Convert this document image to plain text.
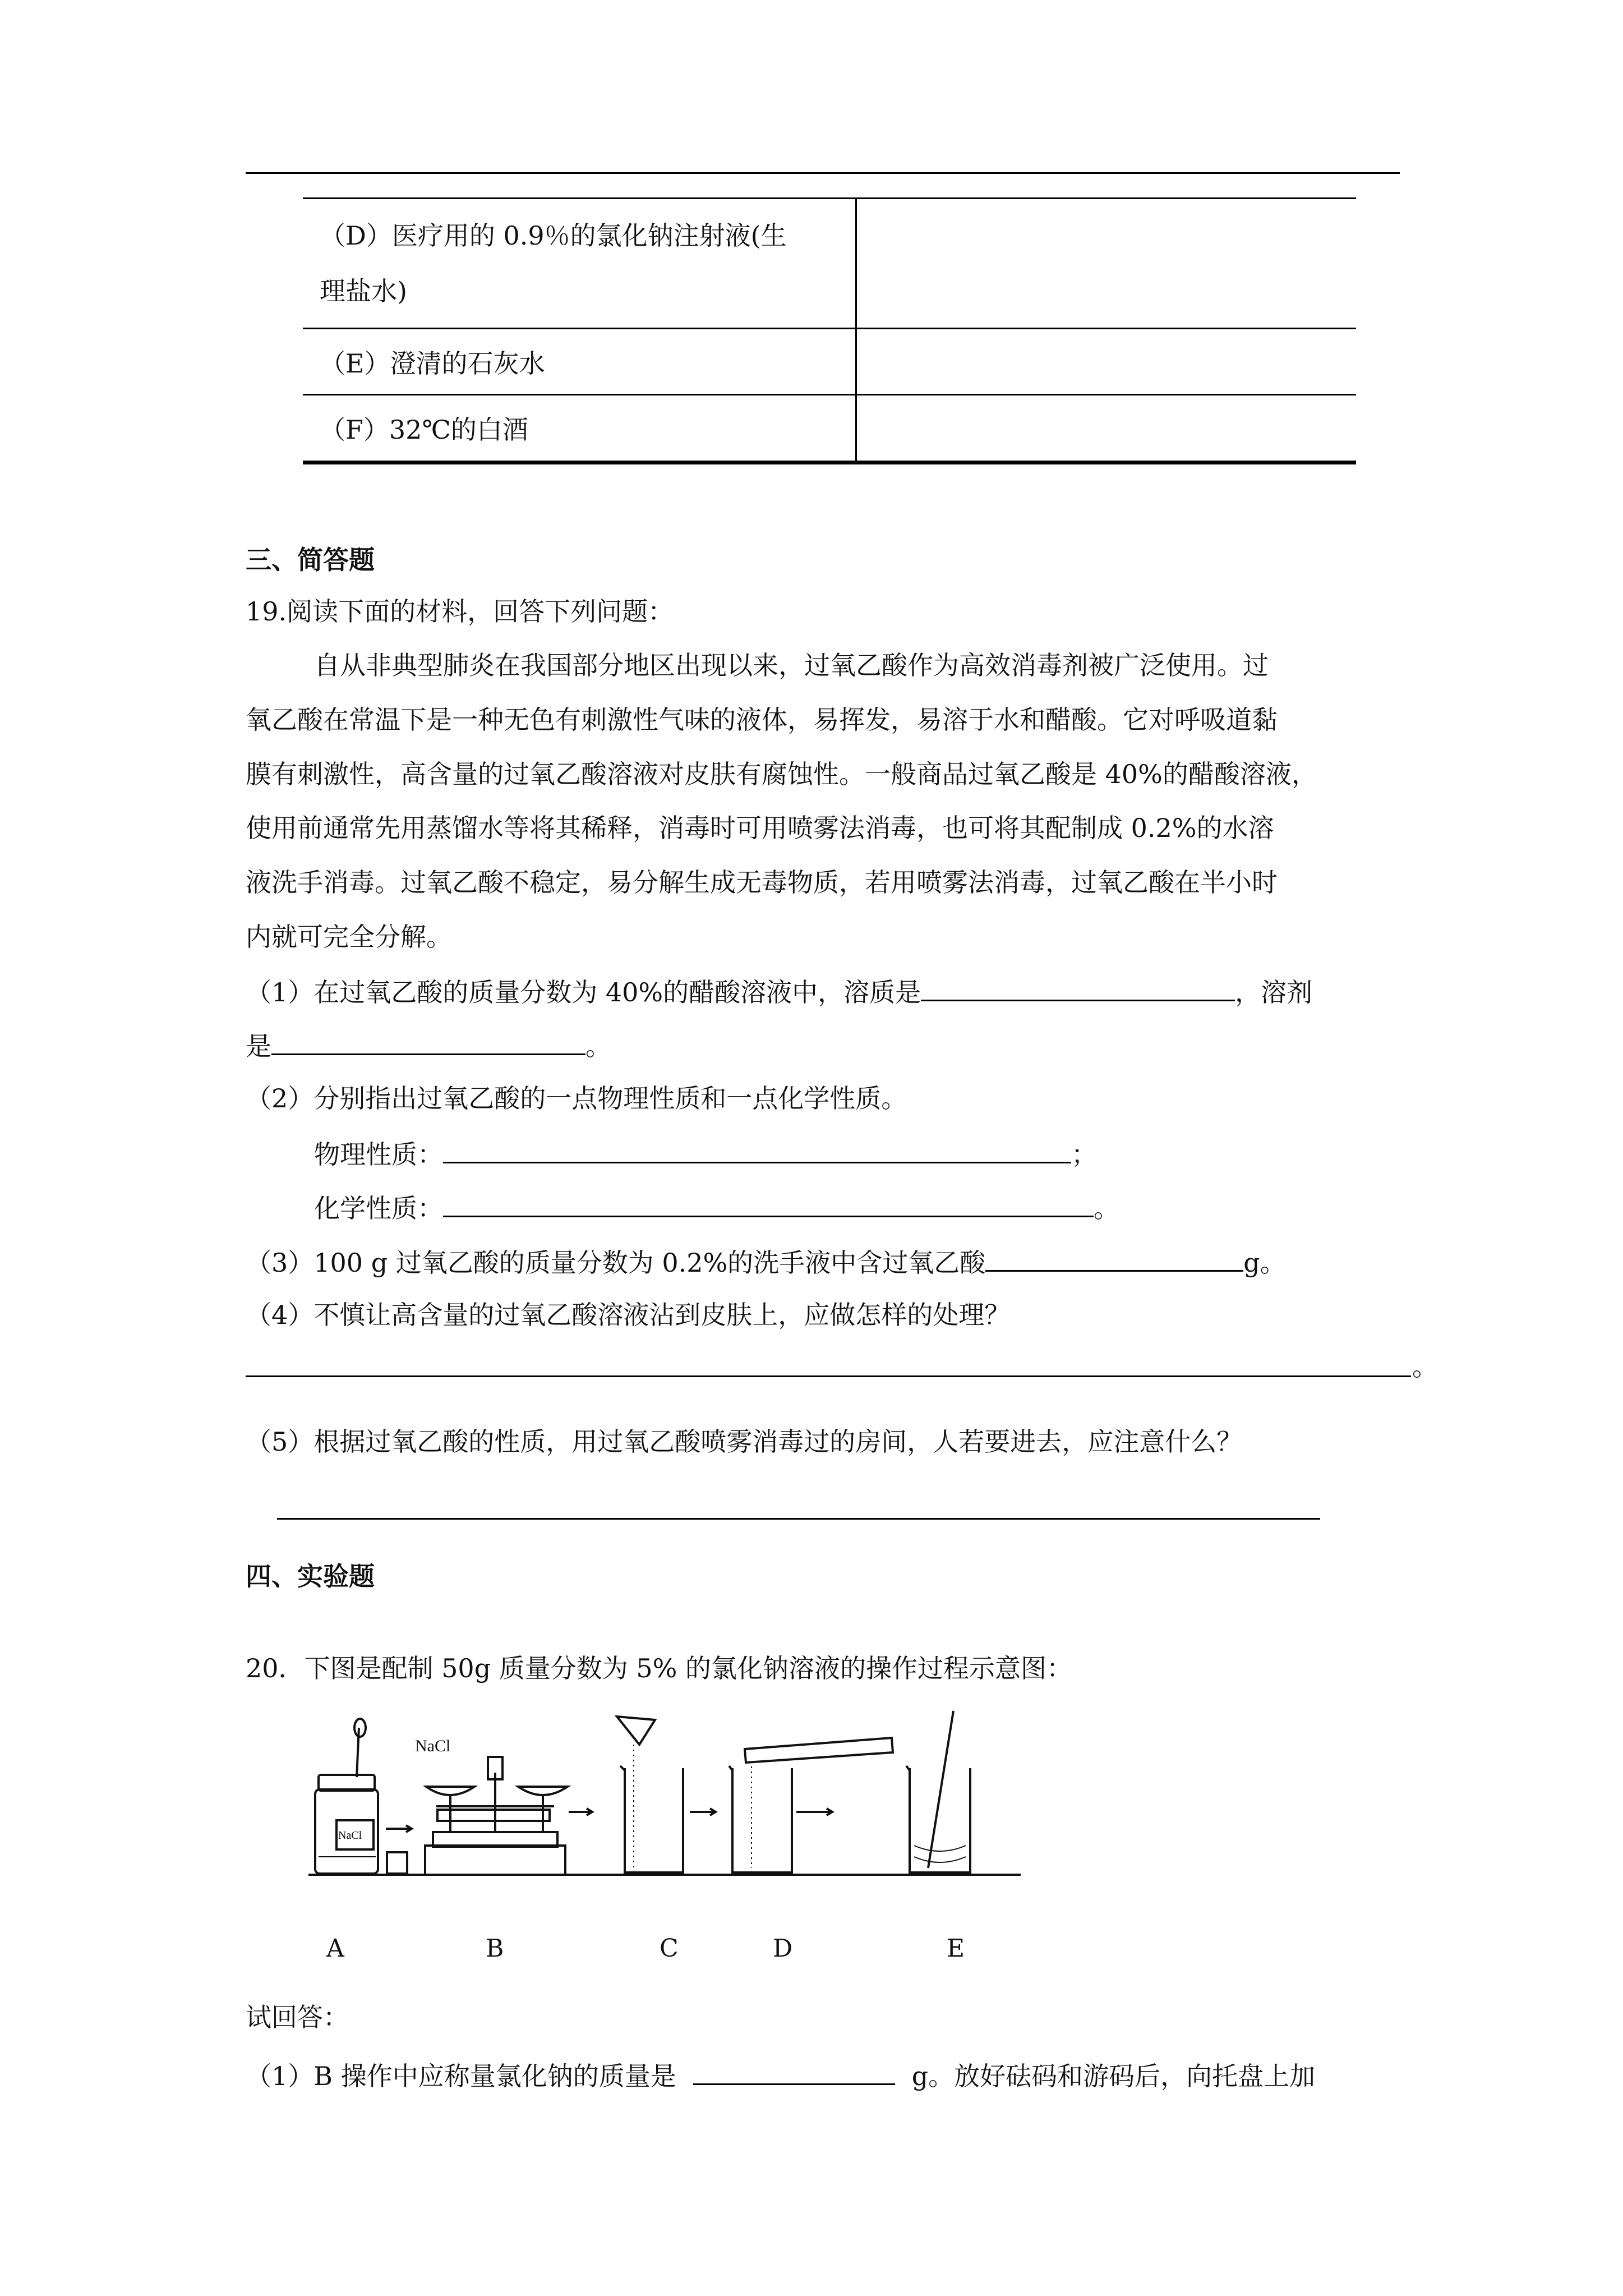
（D）医疗用的 0.9％的氯化钠注射液(生
理盐水)	
（E）澄清的石灰水	
（F）32℃的白酒	
三、简答题
19.阅读下面的材料，回答下列问题：
自从非典型肺炎在我国部分地区出现以来，过氧乙酸作为高效消毒剂被广泛使用。过
氧乙酸在常温下是一种无色有刺激性气味的液体，易挥发，易溶于水和醋酸。它对呼吸道黏
膜有刺激性，高含量的过氧乙酸溶液对皮肤有腐蚀性。一般商品过氧乙酸是 40%的醋酸溶液，
使用前通常先用蒸馏水等将其稀释，消毒时可用喷雾法消毒，也可将其配制成 0.2%的水溶
液洗手消毒。过氧乙酸不稳定，易分解生成无毒物质，若用喷雾法消毒，过氧乙酸在半小时
内就可完全分解。
（1）在过氧乙酸的质量分数为 40%的醋酸溶液中，溶质是	，溶剂
是	。
（2）分别指出过氧乙酸的一点物理性质和一点化学性质。
物理性质：	；
化学性质：	。
（3）100 g 过氧乙酸的质量分数为 0.2%的洗手液中含过氧乙酸	g。
（4）不慎让高含量的过氧乙酸溶液沾到皮肤上，应做怎样的处理？
。
（5）根据过氧乙酸的性质，用过氧乙酸喷雾消毒过的房间，人若要进去，应注意什么？
四、实验题
20．下图是配制 50g 质量分数为 5% 的氯化钠溶液的操作过程示意图：
NaCl
NaCl
A	B	C	D	E
试回答：
（1）B 操作中应称量氯化钠的质量是	g。放好砝码和游码后，向托盘上加
